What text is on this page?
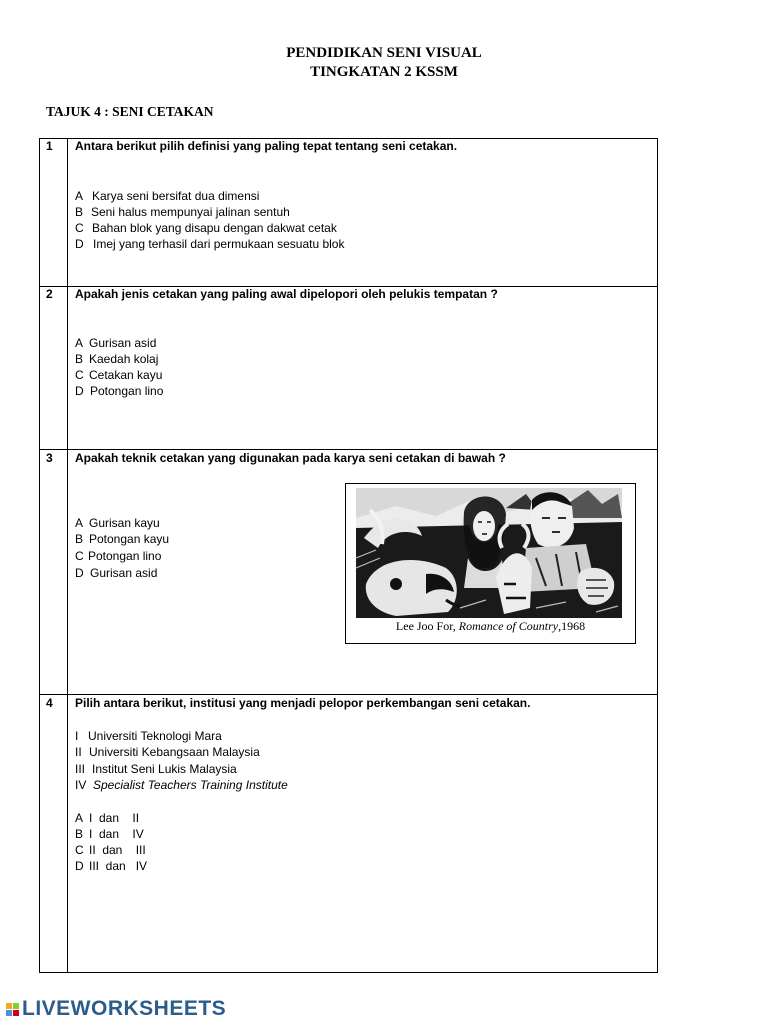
PENDIDIKAN SENI VISUAL
TINGKATAN 2 KSSM
TAJUK 4 : SENI CETAKAN
1 Antara berikut pilih definisi yang paling tepat tentang seni cetakan.
A Karya seni bersifat dua dimensi
B Seni halus mempunyai jalinan sentuh
C Bahan blok yang disapu dengan dakwat cetak
D Imej yang terhasil dari permukaan sesuatu blok
2 Apakah jenis cetakan yang paling awal dipelopori oleh pelukis tempatan ?
A Gurisan asid
B Kaedah kolaj
C Cetakan kayu
D Potongan lino
3 Apakah teknik cetakan yang digunakan pada karya seni cetakan di bawah ?
A Gurisan kayu
B Potongan kayu
C Potongan lino
D Gurisan asid
Lee Joo For, Romance of Country,1968
4 Pilih antara berikut, institusi yang menjadi pelopor perkembangan seni cetakan.
I Universiti Teknologi Mara
II Universiti Kebangsaan Malaysia
III Institut Seni Lukis Malaysia
IV Specialist Teachers Training Institute
A I  dan    II
B I  dan    IV
C II  dan    III
D III  dan   IV
LIVEWORKSHEETS
